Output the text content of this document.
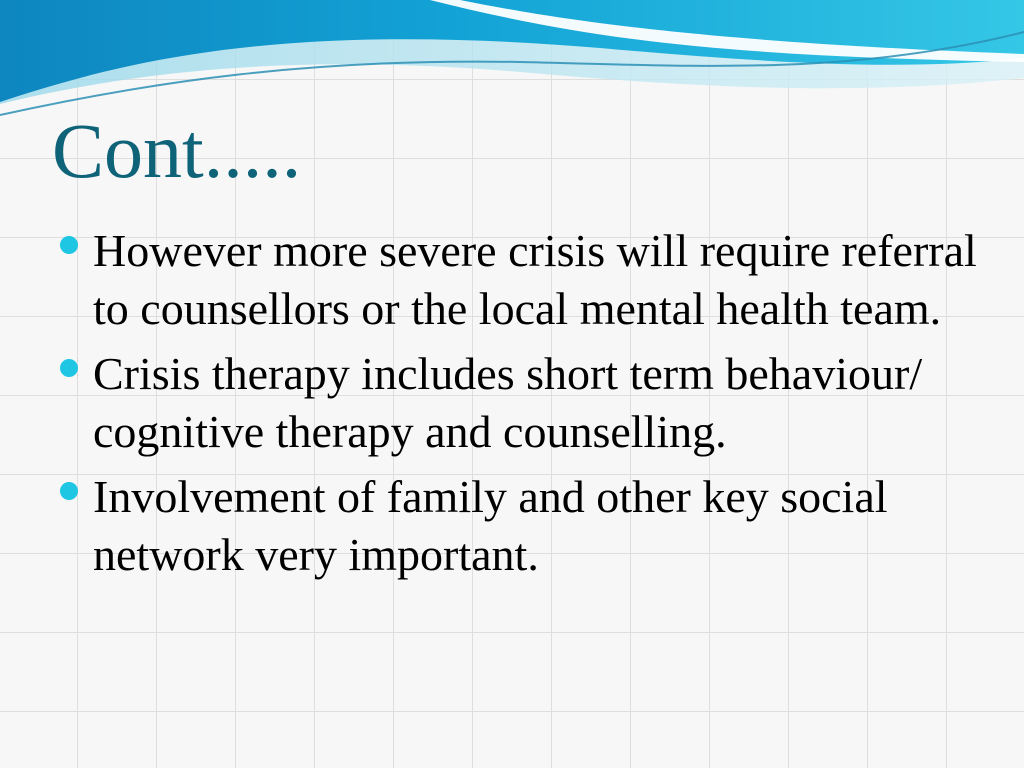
Cont.....
However more severe crisis will require referral to counsellors or the local mental health team.
Crisis therapy includes short term behaviour/ cognitive therapy and counselling.
Involvement of family and other key social network very important.
